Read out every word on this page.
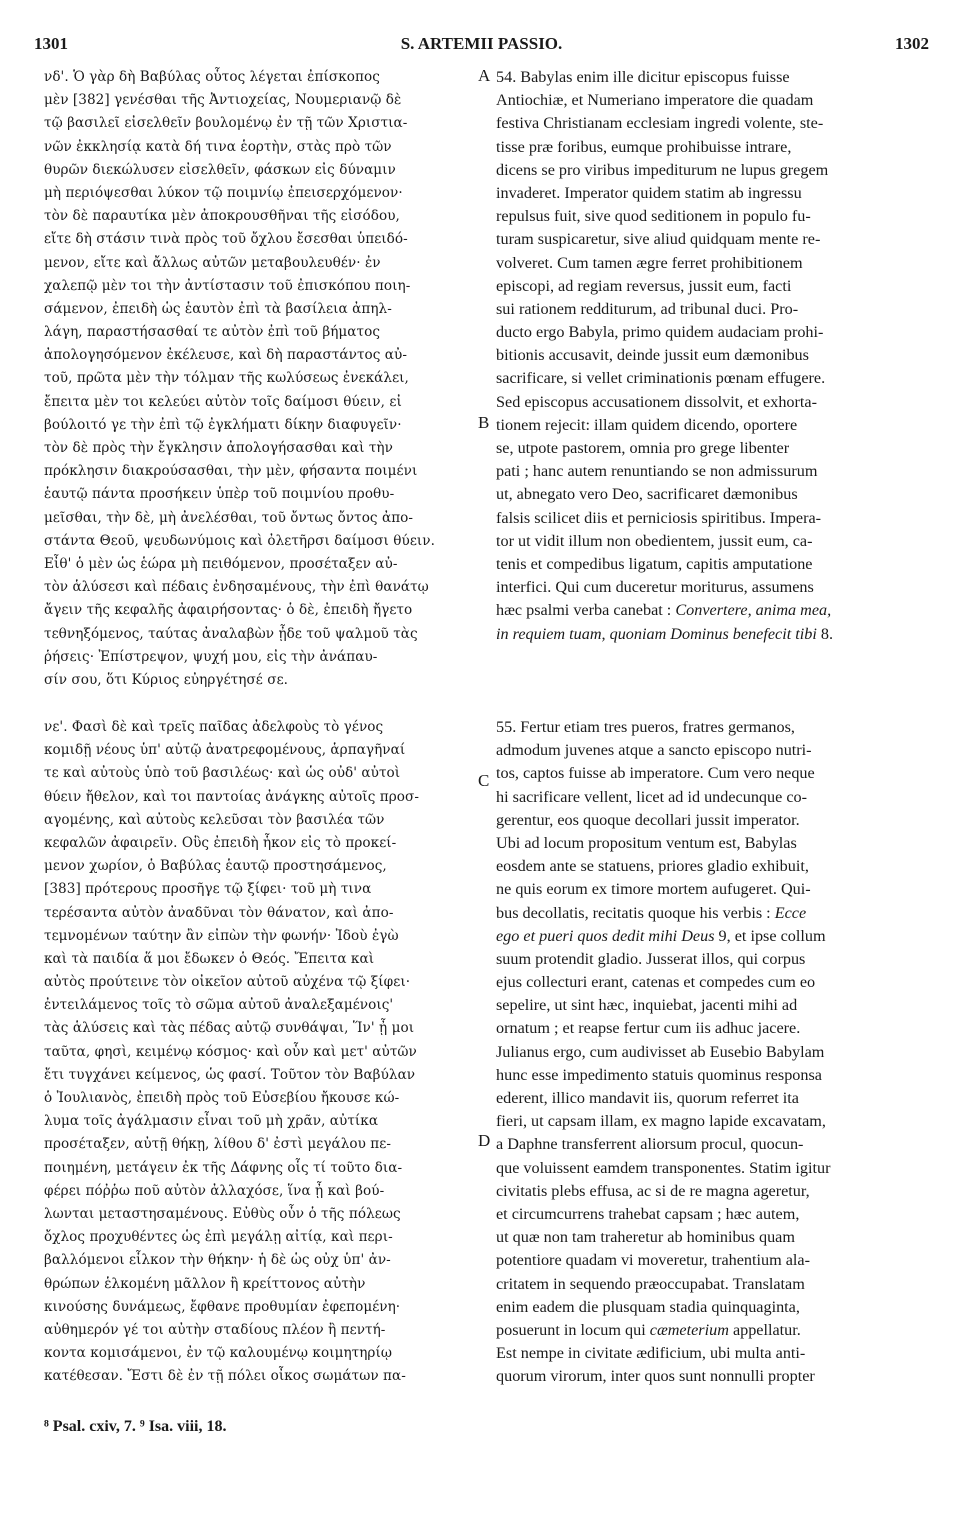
1301	S. ARTEMII PASSIO.	1302
A
B
C
D
νδ'. Ὁ γὰρ δὴ Βαβύλας οὗτος λέγεται ἐπίσκοπος
μὲν [382] γενέσθαι τῆς Ἀντιοχείας, Νουμεριανῷ δὲ
τῷ βασιλεῖ εἰσελθεῖν βουλομένῳ ἐν τῇ τῶν Χριστια-
νῶν ἐκκλησίᾳ κατὰ δή τινα ἑορτὴν, στὰς πρὸ τῶν
θυρῶν διεκώλυσεν εἰσελθεῖν, φάσκων εἰς δύναμιν
μὴ περιόψεσθαι λύκον τῷ ποιμνίῳ ἐπεισερχόμενον·
τὸν δὲ παραυτίκα μὲν ἀποκρουσθῆναι τῆς εἰσόδου,
εἴτε δὴ στάσιν τινὰ πρὸς τοῦ ὄχλου ἔσεσθαι ὑπειδό-
μενον, εἴτε καὶ ἄλλως αὐτῶν μεταβουλευθέν· ἐν
χαλεπῷ μὲν τοι τὴν ἀντίστασιν τοῦ ἐπισκόπου ποιη-
σάμενον, ἐπειδὴ ὡς ἑαυτὸν ἐπὶ τὰ βασίλεια ἀπηλ-
λάγη, παραστήσασθαί τε αὐτὸν ἐπὶ τοῦ βήματος
ἀπολογησόμενον ἐκέλευσε, καὶ δὴ παραστάντος αὐ-
τοῦ, πρῶτα μὲν τὴν τόλμαν τῆς κωλύσεως ἐνεκάλει,
ἔπειτα μὲν τοι κελεύει αὐτὸν τοῖς δαίμοσι θύειν, εἰ
βούλοιτό γε τὴν ἐπὶ τῷ ἐγκλήματι δίκην διαφυγεῖν·
τὸν δὲ πρὸς τὴν ἔγκλησιν ἀπολογήσασθαι καὶ τὴν
πρόκλησιν διακρούσασθαι, τὴν μὲν, φήσαντα ποιμένι
ἑαυτῷ πάντα προσήκειν ὑπὲρ τοῦ ποιμνίου προθυ-
μεῖσθαι, τὴν δὲ, μὴ ἀνελέσθαι, τοῦ ὄντως ὄντος ἀπο-
στάντα Θεοῦ, ψευδωνύμοις καὶ ὀλετῆρσι δαίμοσι θύειν.
Εἶθ' ὁ μὲν ὡς ἑώρα μὴ πειθόμενον, προσέταξεν αὐ-
τὸν ἁλύσεσι καὶ πέδαις ἐνδησαμένους, τὴν ἐπὶ θανάτῳ
ἄγειν τῆς κεφαλῆς ἀφαιρήσοντας· ὁ δὲ, ἐπειδὴ ἤγετο
τεθνηξόμενος, ταύτας ἀναλαβὼν ᾖδε τοῦ ψαλμοῦ τὰς
ῥήσεις· Ἐπίστρεψον, ψυχή μου, εἰς τὴν ἀνάπαυ-
σίν σου, ὅτι Κύριος εὐηργέτησέ σε.
54. Babylas enim ille dicitur episcopus fuisse
Antiochiæ, et Numeriano imperatore die quadam
festiva Christianam ecclesiam ingredi volente, ste-
tisse præ foribus, eumque prohibuisse intrare,
dicens se pro viribus impediturum ne lupus gregem
invaderet. Imperator quidem statim ab ingressu
repulsus fuit, sive quod seditionem in populo fu-
turam suspicaretur, sive aliud quidquam mente re-
volveret. Cum tamen ægre ferret prohibitionem
episcopi, ad regiam reversus, jussit eum, facti
sui rationem redditurum, ad tribunal duci. Pro-
ducto ergo Babyla, primo quidem audaciam prohi-
bitionis accusavit, deinde jussit eum dæmonibus
sacrificare, si vellet criminationis pœnam effugere.
Sed episcopus accusationem dissolvit, et exhorta-
tionem rejecit: illam quidem dicendo, oportere
se, utpote pastorem, omnia pro grege libenter
pati ; hanc autem renuntiando se non admissurum
ut, abnegato vero Deo, sacrificaret dæmonibus
falsis scilicet diis et perniciosis spiritibus. Impera-
tor ut vidit illum non obedientem, jussit eum, ca-
tenis et compedibus ligatum, capitis amputatione
interfici. Qui cum duceretur moriturus, assumens
hæc psalmi verba canebat : Convertere, anima mea,
in requiem tuam, quoniam Dominus benefecit tibi 8.
νε'. Φασὶ δὲ καὶ τρεῖς παῖδας ἀδελφοὺς τὸ γένος
κομιδῇ νέους ὑπ' αὐτῷ ἀνατρεφομένους, ἁρπαγῆναί
τε καὶ αὐτοὺς ὑπὸ τοῦ βασιλέως· καὶ ὡς οὐδ' αὐτοὶ
θύειν ἤθελον, καὶ τοι παντοίας ἀνάγκης αὐτοῖς προσ-
αγομένης, καὶ αὐτοὺς κελεῦσαι τὸν βασιλέα τῶν
κεφαλῶν ἀφαιρεῖν. Οὓς ἐπειδὴ ἧκον εἰς τὸ προκεί-
μενον χωρίον, ὁ Βαβύλας ἑαυτῷ προστησάμενος,
[383] πρότερους προσῆγε τῷ ξίφει· τοῦ μὴ τινα
τερέσαντα αὐτὸν ἀναδῦναι τὸν θάνατον, καὶ ἀπο-
τεμνομένων ταύτην ἂν εἰπὼν τὴν φωνήν· Ἰδοὺ ἐγὼ
καὶ τὰ παιδία ἅ μοι ἔδωκεν ὁ Θεός. Ἔπειτα καὶ
αὐτὸς προύτεινε τὸν οἰκεῖον αὐτοῦ αὐχένα τῷ ξίφει·
ἐντειλάμενος τοῖς τὸ σῶμα αὐτοῦ ἀναλεξαμένοις'
τὰς ἁλύσεις καὶ τὰς πέδας αὐτῷ συνθάψαι, Ἵν' ᾖ μοι
ταῦτα, φησὶ, κειμένῳ κόσμος· καὶ οὗν καὶ μετ' αὐτῶν
ἔτι τυγχάνει κείμενος, ὡς φασί. Τοῦτον τὸν Βαβύλαν
ὁ Ἰουλιανὸς, ἐπειδὴ πρὸς τοῦ Εὐσεβίου ἤκουσε κώ-
λυμα τοῖς ἀγάλμασιν εἶναι τοῦ μὴ χρᾶν, αὐτίκα
προσέταξεν, αὐτῇ θήκῃ, λίθου δ' ἐστὶ μεγάλου πε-
ποιημένη, μετάγειν ἐκ τῆς Δάφνης οἷς τί τοῦτο δια-
φέρει πόῤῥω ποῦ αὐτὸν ἀλλαχόσε, ἵνα ᾖ καὶ βού-
λωνται μεταστησαμένους. Εὐθὺς οὖν ὁ τῆς πόλεως
ὄχλος προχυθέντες ὡς ἐπὶ μεγάλῃ αἰτίᾳ, καὶ περι-
βαλλόμενοι εἷλκον τὴν θήκην· ἡ δὲ ὡς οὐχ ὑπ' ἀν-
θρώπων ἑλκομένη μᾶλλον ἢ κρείττονος αὐτὴν
κινούσης δυνάμεως, ἔφθανε προθυμίαν ἐφεπομένη·
αὐθημερόν γέ τοι αὐτὴν σταδίους πλέον ἢ πεντή-
κοντα κομισάμενοι, ἐν τῷ καλουμένῳ κοιμητηρίῳ
κατέθεσαν. Ἔστι δὲ ἐν τῇ πόλει οἶκος σωμάτων πα-
55. Fertur etiam tres pueros, fratres germanos,
admodum juvenes atque a sancto episcopo nutri-
tos, captos fuisse ab imperatore. Cum vero neque
hi sacrificare vellent, licet ad id undecunque co-
gerentur, eos quoque decollari jussit imperator.
Ubi ad locum propositum ventum est, Babylas
eosdem ante se statuens, priores gladio exhibuit,
ne quis eorum ex timore mortem aufugeret. Qui-
bus decollatis, recitatis quoque his verbis : Ecce
ego et pueri quos dedit mihi Deus 9, et ipse collum
suum protendit gladio. Jusserat illos, qui corpus
ejus collecturi erant, catenas et compedes cum eo
sepelire, ut sint hæc, inquiebat, jacenti mihi ad
ornatum ; et reapse fertur cum iis adhuc jacere.
Julianus ergo, cum audivisset ab Eusebio Babylam
hunc esse impedimento statuis quominus responsa
ederent, illico mandavit iis, quorum referret ita
fieri, ut capsam illam, ex magno lapide excavatam,
a Daphne transferrent aliorsum procul, quocun-
que voluissent eamdem transponentes. Statim igitur
civitatis plebs effusa, ac si de re magna ageretur,
et circumcurrens trahebat capsam ; hæc autem,
ut quæ non tam traheretur ab hominibus quam
potentiore quadam vi moveretur, trahentium ala-
critatem in sequendo præoccupabat. Translatam
enim eadem die plusquam stadia quinquaginta,
posuerunt in locum qui cæmeterium appellatur.
Est nempe in civitate ædificium, ubi multa anti-
quorum virorum, inter quos sunt nonnulli propter
⁸ Psal. cxiv, 7. ⁹ Isa. viii, 18.
